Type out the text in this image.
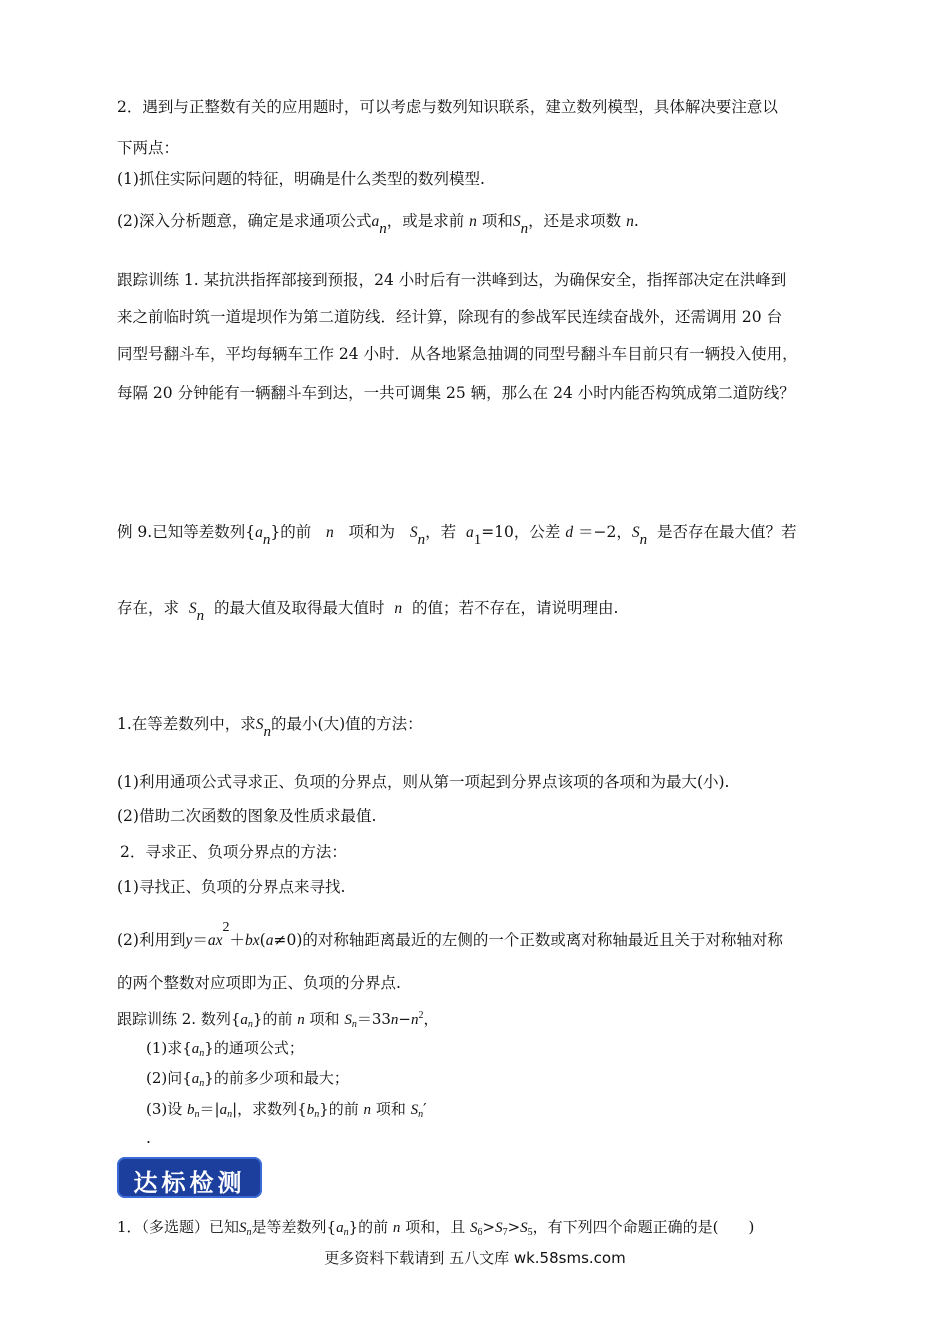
2．遇到与正整数有关的应用题时，可以考虑与数列知识联系，建立数列模型，具体解决要注意以
下两点：
(1)抓住实际问题的特征，明确是什么类型的数列模型.
(2)深入分析题意，确定是求通项公式an，或是求前 n 项和Sn，还是求项数 n.
跟踪训练 1. 某抗洪指挥部接到预报，24 小时后有一洪峰到达，为确保安全，指挥部决定在洪峰到
来之前临时筑一道堤坝作为第二道防线．经计算，除现有的参战军民连续奋战外，还需调用 20 台
同型号翻斗车，平均每辆车工作 24 小时．从各地紧急抽调的同型号翻斗车目前只有一辆投入使用，
每隔 20 分钟能有一辆翻斗车到达，一共可调集 25 辆，那么在 24 小时内能否构筑成第二道防线？
例 9.已知等差数列{an}的前 n 项和为 Sn，若 a1=10，公差 d ＝−2，Sn 是否存在最大值？若
存在，求 Sn 的最大值及取得最大值时 n 的值；若不存在，请说明理由.
1.在等差数列中，求Sn的最小(大)值的方法：
(1)利用通项公式寻求正、负项的分界点，则从第一项起到分界点该项的各项和为最大(小).
(2)借助二次函数的图象及性质求最值.
2．寻求正、负项分界点的方法：
(1)寻找正、负项的分界点来寻找.
(2)利用到y＝ax2＋bx(a≠0)的对称轴距离最近的左侧的一个正数或离对称轴最近且关于对称轴对称
的两个整数对应项即为正、负项的分界点.
跟踪训练 2. 数列$\{a_n\}$的前 n 项和 $S_n=33n-n^2$，
(1)求$\{a_n\}$的通项公式；
(2)问$\{a_n\}$的前多少项和最大；
(3)设 $b_n=|a_n|$，求数列$\{b_n\}$的前 n 项和 $S_n'$
.
达标检测
1．（多选题）已知$S_n$是等差数列$\{a_n\}$的前 n 项和，且 $S_6>S_7>S_5$，有下列四个命题正确的是(　　)
更多资料下载请到 五八文库 wk.58sms.com
